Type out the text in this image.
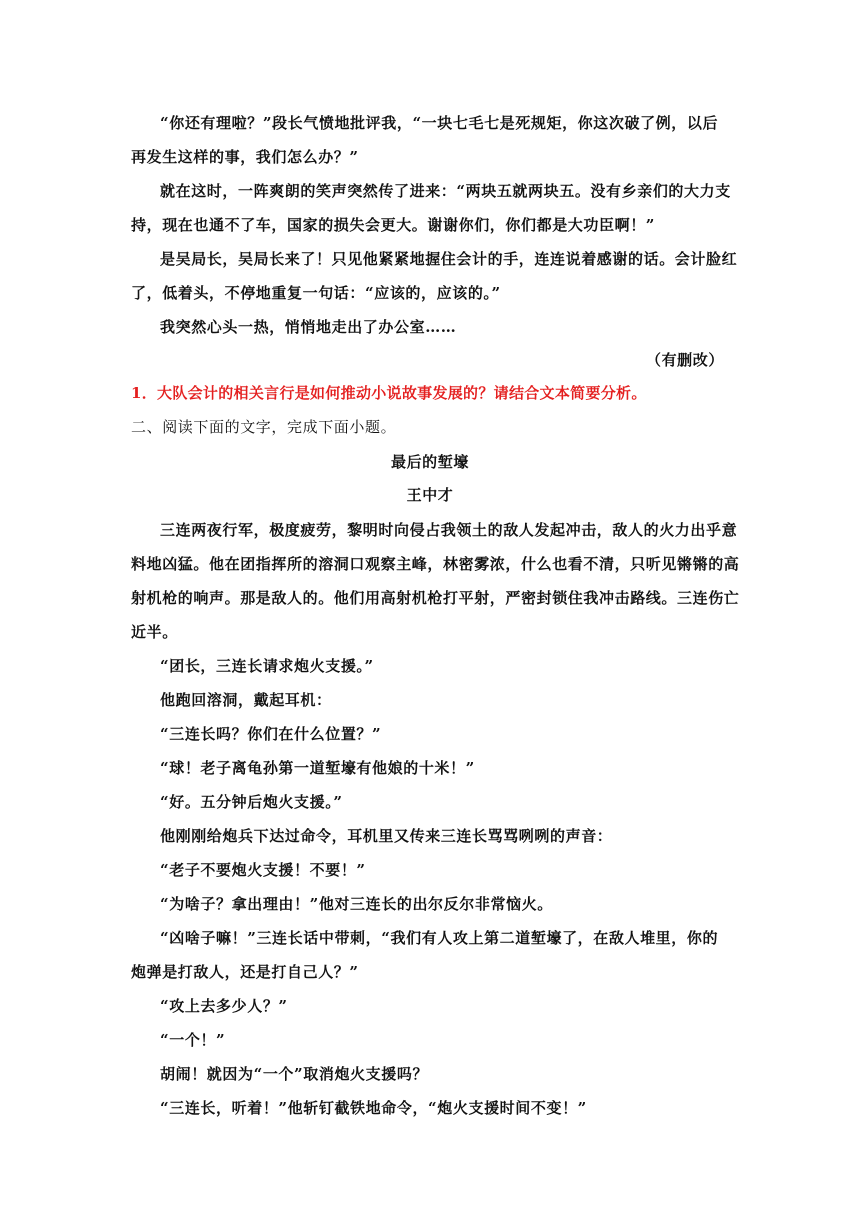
“你还有理啦？”段长气愤地批评我，“一块七毛七是死规矩，你这次破了例，以后
再发生这样的事，我们怎么办？”
就在这时，一阵爽朗的笑声突然传了进来：“两块五就两块五。没有乡亲们的大力支
持，现在也通不了车，国家的损失会更大。谢谢你们，你们都是大功臣啊！”
是吴局长，吴局长来了！只见他紧紧地握住会计的手，连连说着感谢的话。会计脸红
了，低着头，不停地重复一句话：“应该的，应该的。”
我突然心头一热，悄悄地走出了办公室……
（有删改）
1．大队会计的相关言行是如何推动小说故事发展的？请结合文本简要分析。
二、阅读下面的文字，完成下面小题。
最后的堑壕
王中才
三连两夜行军，极度疲劳，黎明时向侵占我领土的敌人发起冲击，敌人的火力出乎意
料地凶猛。他在团指挥所的溶洞口观察主峰，林密雾浓，什么也看不清，只听见锵锵的高
射机枪的响声。那是敌人的。他们用高射机枪打平射，严密封锁住我冲击路线。三连伤亡
近半。
“团长，三连长请求炮火支援。”
他跑回溶洞，戴起耳机：
“三连长吗？你们在什么位置？”
“球！老子离龟孙第一道堑壕有他娘的十米！”
“好。五分钟后炮火支援。”
他刚刚给炮兵下达过命令，耳机里又传来三连长骂骂咧咧的声音：
“老子不要炮火支援！不要！”
“为啥子？拿出理由！”他对三连长的出尔反尔非常恼火。
“凶啥子嘛！”三连长话中带刺，“我们有人攻上第二道堑壕了，在敌人堆里，你的
炮弹是打敌人，还是打自己人？”
“攻上去多少人？”
“一个！”
胡闹！就因为“一个”取消炮火支援吗？
“三连长，听着！”他斩钉截铁地命令，“炮火支援时间不变！”
